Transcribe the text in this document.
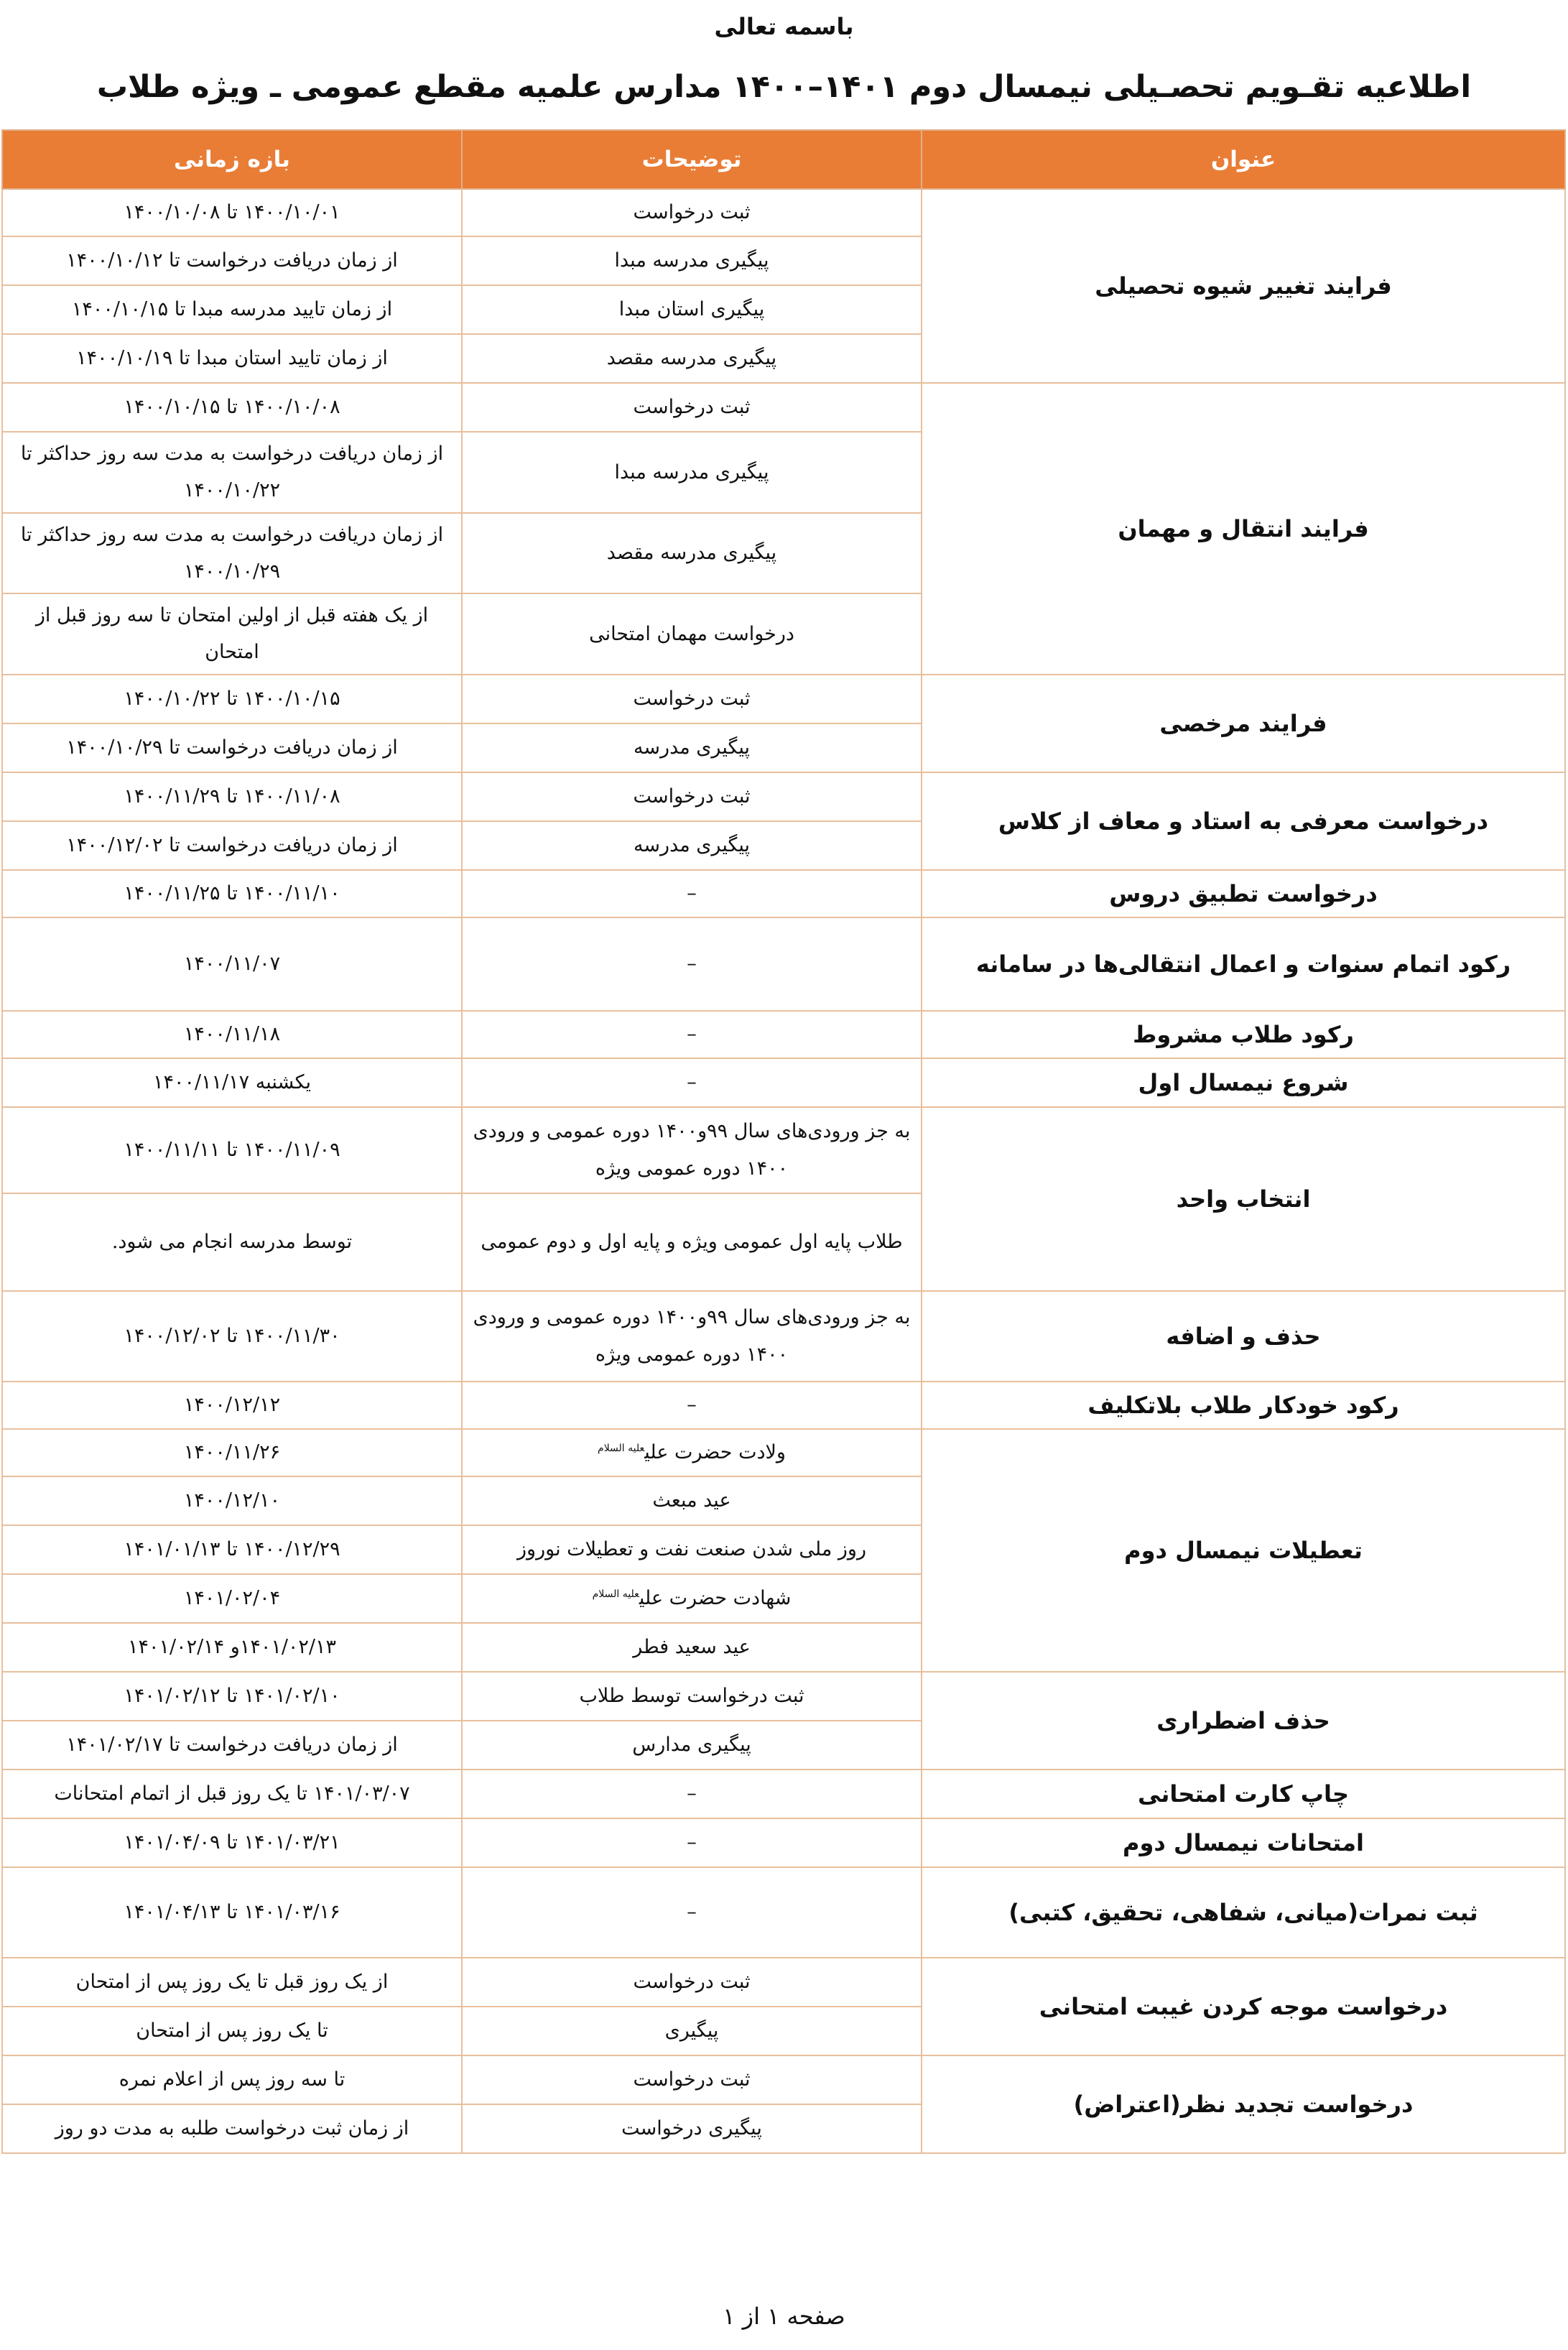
باسمه تعالی
اطلاعیه تقـویم تحصـیلی نیمسال دوم ۱۴۰۱–۱۴۰۰ مدارس علمیه مقطع عمومی ـ ویژه طلاب
عنوان	توضیحات	بازه زمانی
فرایند تغییر شیوه تحصیلی	ثبت درخواست	۱۴۰۰/۱۰/۰۱ تا ۱۴۰۰/۱۰/۰۸
	پیگیری مدرسه مبدا	از زمان دریافت درخواست تا ۱۴۰۰/۱۰/۱۲
	پیگیری استان مبدا	از زمان تایید مدرسه مبدا تا ۱۴۰۰/۱۰/۱۵
	پیگیری مدرسه مقصد	از زمان تایید استان مبدا تا ۱۴۰۰/۱۰/۱۹
فرایند انتقال و مهمان	ثبت درخواست	۱۴۰۰/۱۰/۰۸ تا ۱۴۰۰/۱۰/۱۵
	پیگیری مدرسه مبدا	از زمان دریافت درخواست به مدت سه روز حداکثر تا ۱۴۰۰/۱۰/۲۲
	پیگیری مدرسه مقصد	از زمان دریافت درخواست به مدت سه روز حداکثر تا ۱۴۰۰/۱۰/۲۹
	درخواست مهمان امتحانی	از یک هفته قبل از اولین امتحان تا سه روز قبل از امتحان
فرایند مرخصی	ثبت درخواست	۱۴۰۰/۱۰/۱۵ تا ۱۴۰۰/۱۰/۲۲
	پیگیری مدرسه	از زمان دریافت درخواست تا ۱۴۰۰/۱۰/۲۹
درخواست معرفی به استاد و معاف از کلاس	ثبت درخواست	۱۴۰۰/۱۱/۰۸ تا ۱۴۰۰/۱۱/۲۹
	پیگیری مدرسه	از زمان دریافت درخواست تا ۱۴۰۰/۱۲/۰۲
درخواست تطبیق دروس	–	۱۴۰۰/۱۱/۱۰ تا ۱۴۰۰/۱۱/۲۵
رکود اتمام سنوات و اعمال انتقالی‌ها در سامانه	–	۱۴۰۰/۱۱/۰۷
رکود طلاب مشروط	–	۱۴۰۰/۱۱/۱۸
شروع نیمسال اول	–	یکشنبه ۱۴۰۰/۱۱/۱۷
انتخاب واحد	به جز ورودی‌های سال ۹۹و۱۴۰۰ دوره عمومی و ورودی ۱۴۰۰ دوره عمومی ویژه	۱۴۰۰/۱۱/۰۹ تا ۱۴۰۰/۱۱/۱۱
	طلاب پایه اول عمومی ویژه و پایه اول و دوم عمومی	توسط مدرسه انجام می شود.
حذف و اضافه	به جز ورودی‌های سال ۹۹و۱۴۰۰ دوره عمومی و ورودی ۱۴۰۰ دوره عمومی ویژه	۱۴۰۰/۱۱/۳۰ تا ۱۴۰۰/۱۲/۰۲
رکود خودکار طلاب بلاتکلیف	–	۱۴۰۰/۱۲/۱۲
تعطیلات نیمسال دوم	ولادت حضرت علی$^{علیه السلام}$	۱۴۰۰/۱۱/۲۶
	عید مبعث	۱۴۰۰/۱۲/۱۰
	روز ملی شدن صنعت نفت و تعطیلات نوروز	۱۴۰۰/۱۲/۲۹ تا ۱۴۰۱/۰۱/۱۳
	شهادت حضرت علی$^{علیه السلام}$	۱۴۰۱/۰۲/۰۴
	عید سعید فطر	۱۴۰۱/۰۲/۱۳و ۱۴۰۱/۰۲/۱۴
حذف اضطراری	ثبت درخواست توسط طلاب	۱۴۰۱/۰۲/۱۰ تا ۱۴۰۱/۰۲/۱۲
	پیگیری مدارس	از زمان دریافت درخواست تا ۱۴۰۱/۰۲/۱۷
چاپ کارت امتحانی	–	۱۴۰۱/۰۳/۰۷ تا یک روز قبل از اتمام امتحانات
امتحانات نیمسال دوم	–	۱۴۰۱/۰۳/۲۱ تا ۱۴۰۱/۰۴/۰۹
ثبت نمرات(میانی، شفاهی، تحقیق، کتبی)	–	۱۴۰۱/۰۳/۱۶ تا ۱۴۰۱/۰۴/۱۳
درخواست موجه کردن غیبت امتحانی	ثبت درخواست	از یک روز قبل تا یک روز پس از امتحان
	پیگیری	تا یک روز پس از امتحان
درخواست تجدید نظر(اعتراض)	ثبت درخواست	تا سه روز پس از اعلام نمره
	پیگیری درخواست	از زمان ثبت درخواست طلبه به مدت دو روز
صفحه ۱ از ۱
